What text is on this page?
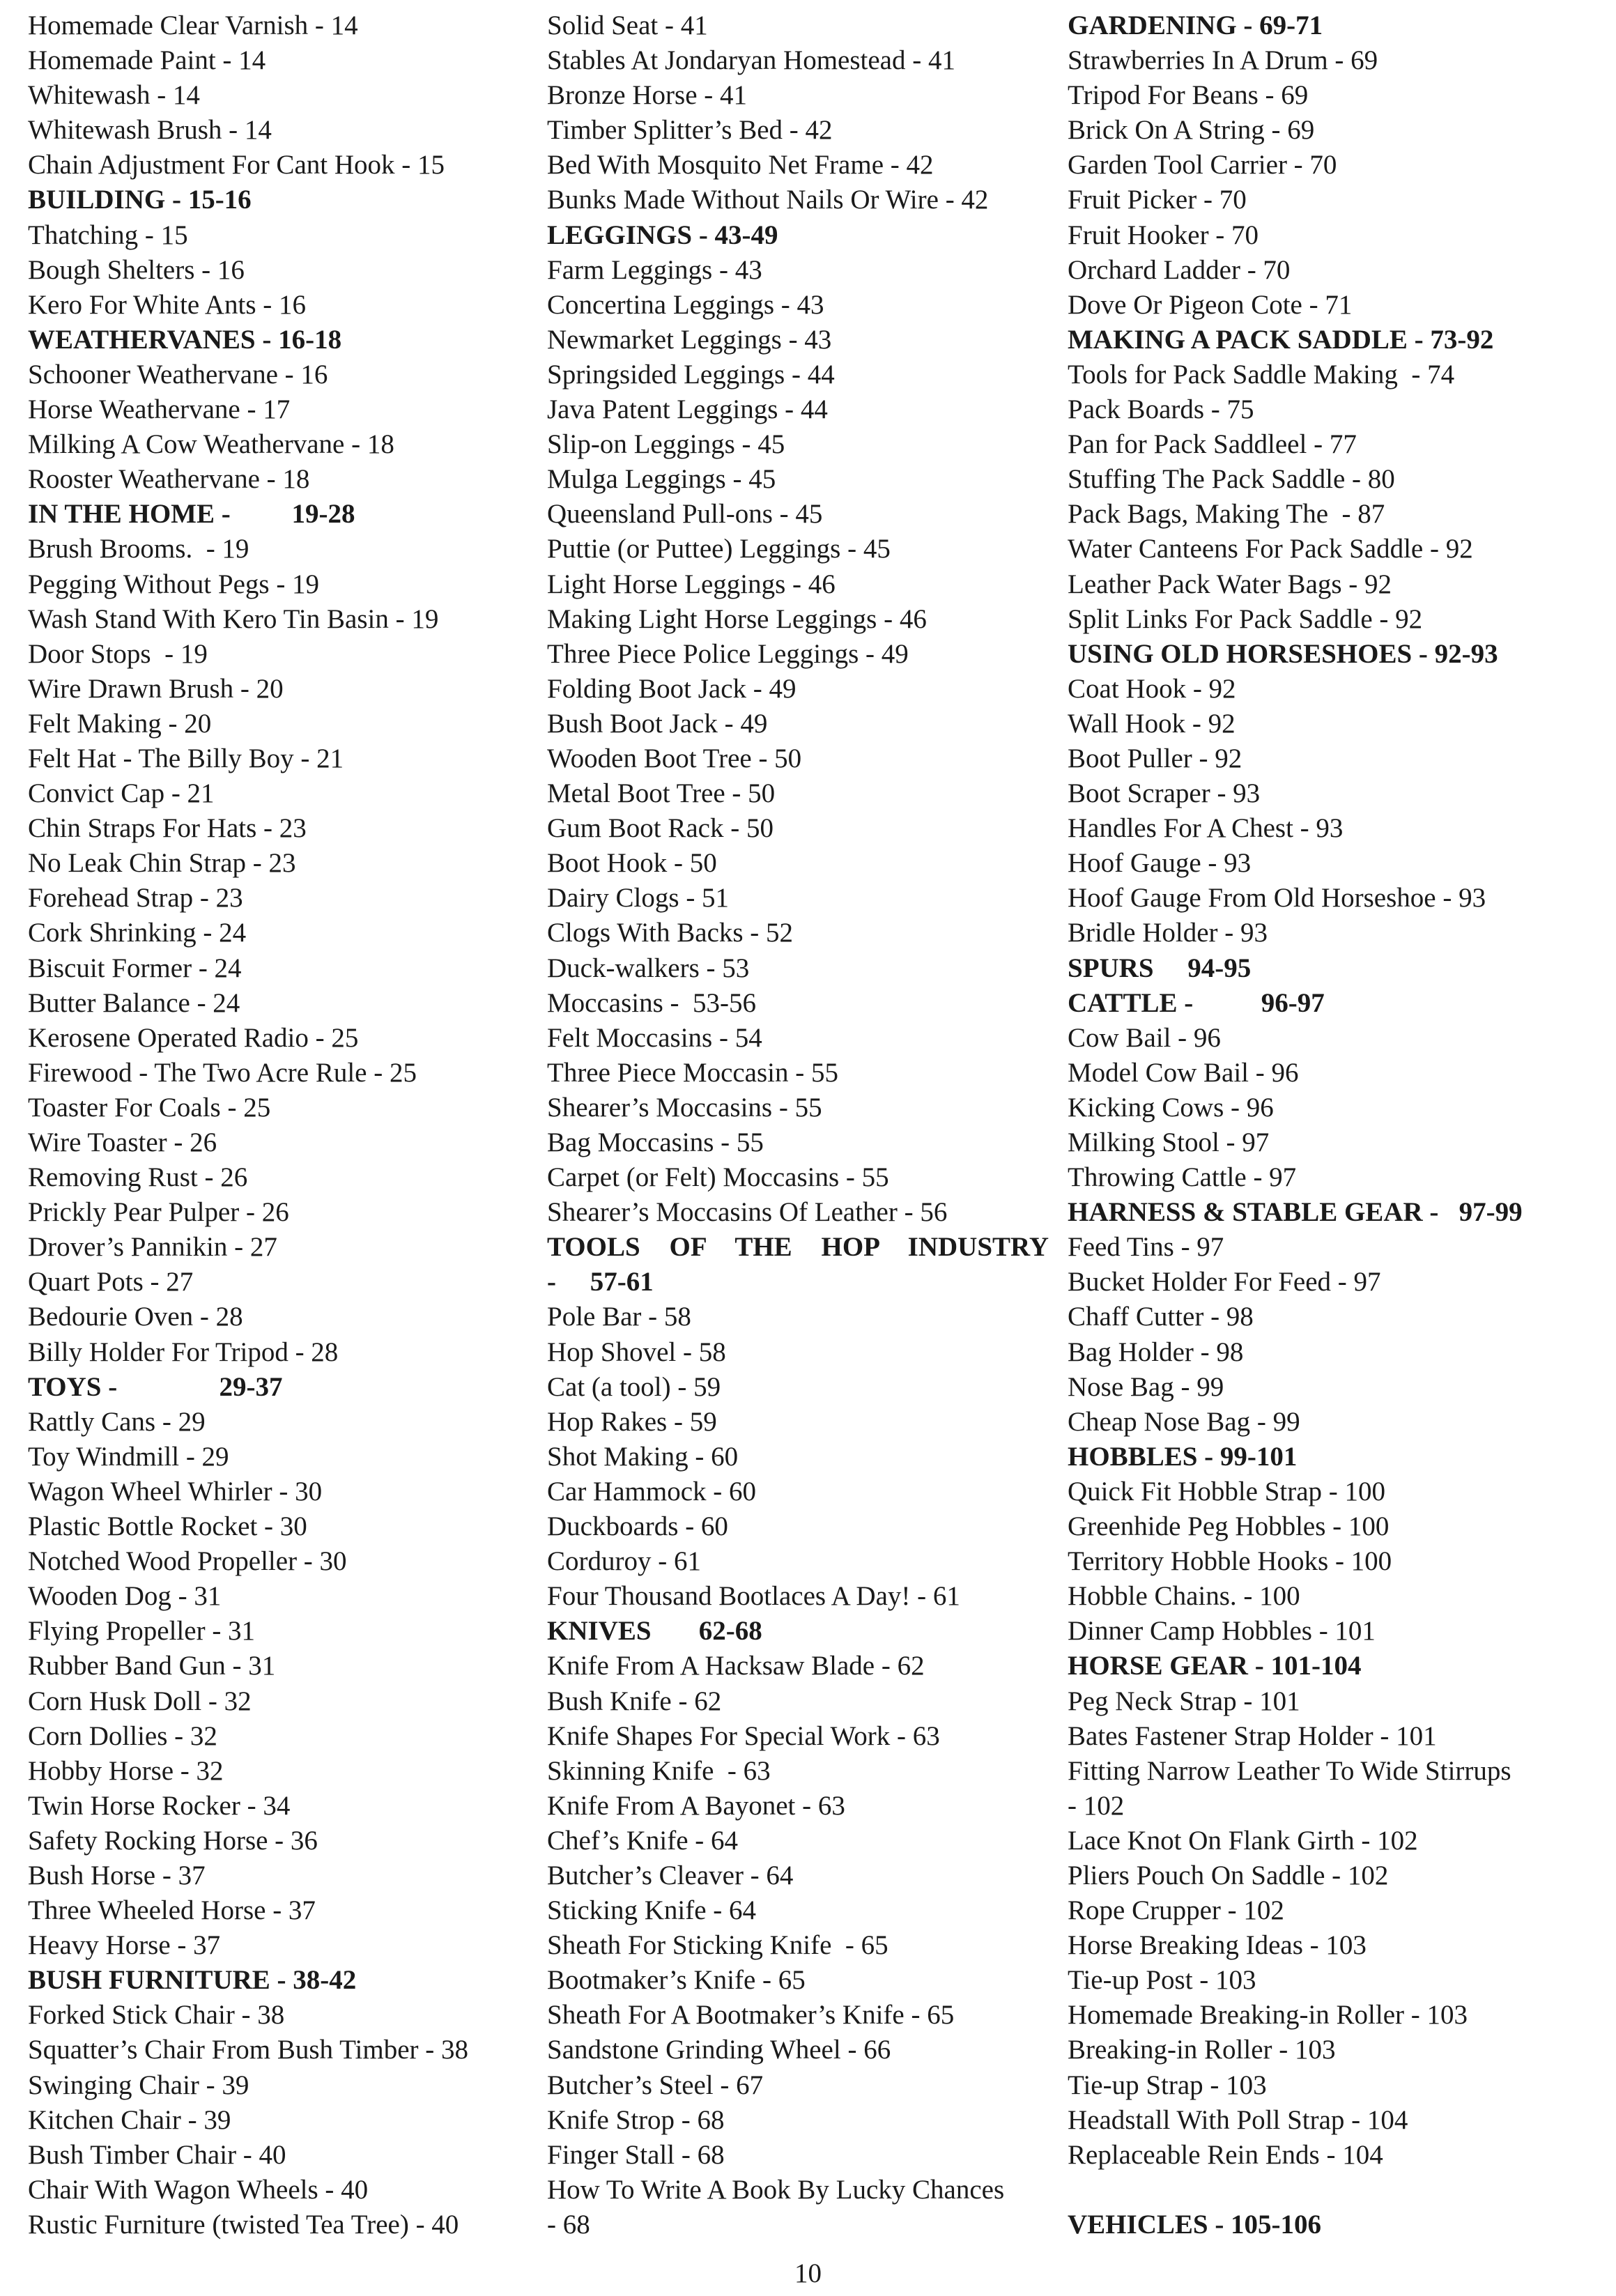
Homemade Clear Varnish - 14
Homemade Paint - 14
Whitewash - 14
Whitewash Brush - 14
Chain Adjustment For Cant Hook - 15
BUILDING - 15-16
Thatching - 15
Bough Shelters - 16
Kero For White Ants - 16
WEATHERVANES - 16-18
Schooner Weathervane - 16
Horse Weathervane - 17
Milking A Cow Weathervane - 18
Rooster Weathervane - 18
IN THE HOME -         19-28
Brush Brooms.  - 19
Pegging Without Pegs - 19
Wash Stand With Kero Tin Basin - 19
Door Stops  - 19
Wire Drawn Brush - 20
Felt Making - 20
Felt Hat - The Billy Boy - 21
Convict Cap - 21
Chin Straps For Hats - 23
No Leak Chin Strap - 23
Forehead Strap - 23
Cork Shrinking - 24
Biscuit Former - 24
Butter Balance - 24
Kerosene Operated Radio - 25
Firewood - The Two Acre Rule - 25
Toaster For Coals - 25
Wire Toaster - 26
Removing Rust - 26
Prickly Pear Pulper - 26
Drover’s Pannikin - 27
Quart Pots - 27
Bedourie Oven - 28
Billy Holder For Tripod - 28
TOYS -               29-37
Rattly Cans - 29
Toy Windmill - 29
Wagon Wheel Whirler - 30
Plastic Bottle Rocket - 30
Notched Wood Propeller - 30
Wooden Dog - 31
Flying Propeller - 31
Rubber Band Gun - 31
Corn Husk Doll - 32
Corn Dollies - 32
Hobby Horse - 32
Twin Horse Rocker - 34
Safety Rocking Horse - 36
Bush Horse - 37
Three Wheeled Horse - 37
Heavy Horse - 37
BUSH FURNITURE - 38-42
Forked Stick Chair - 38
Squatter’s Chair From Bush Timber - 38
Swinging Chair - 39
Kitchen Chair - 39
Bush Timber Chair - 40
Chair With Wagon Wheels - 40
Rustic Furniture (twisted Tea Tree) - 40
Solid Seat - 41
Stables At Jondaryan Homestead - 41
Bronze Horse - 41
Timber Splitter’s Bed - 42
Bed With Mosquito Net Frame - 42
Bunks Made Without Nails Or Wire - 42
LEGGINGS - 43-49
Farm Leggings - 43
Concertina Leggings - 43
Newmarket Leggings - 43
Springsided Leggings - 44
Java Patent Leggings - 44
Slip-on Leggings - 45
Mulga Leggings - 45
Queensland Pull-ons - 45
Puttie (or Puttee) Leggings - 45
Light Horse Leggings - 46
Making Light Horse Leggings - 46
Three Piece Police Leggings - 49
Folding Boot Jack - 49
Bush Boot Jack - 49
Wooden Boot Tree - 50
Metal Boot Tree - 50
Gum Boot Rack - 50
Boot Hook - 50
Dairy Clogs - 51
Clogs With Backs - 52
Duck-walkers - 53
Moccasins -  53-56
Felt Moccasins - 54
Three Piece Moccasin - 55
Shearer’s Moccasins - 55
Bag Moccasins - 55
Carpet (or Felt) Moccasins - 55
Shearer’s Moccasins Of Leather - 56
TOOLS OF THE HOP INDUSTRY
-     57-61
Pole Bar - 58
Hop Shovel - 58
Cat (a tool) - 59
Hop Rakes - 59
Shot Making - 60
Car Hammock - 60
Duckboards - 60
Corduroy - 61
Four Thousand Bootlaces A Day! - 61
KNIVES       62-68
Knife From A Hacksaw Blade - 62
Bush Knife - 62
Knife Shapes For Special Work - 63
Skinning Knife  - 63
Knife From A Bayonet - 63
Chef’s Knife - 64
Butcher’s Cleaver - 64
Sticking Knife - 64
Sheath For Sticking Knife  - 65
Bootmaker’s Knife - 65
Sheath For A Bootmaker’s Knife - 65
Sandstone Grinding Wheel - 66
Butcher’s Steel - 67
Knife Strop - 68
Finger Stall - 68
How To Write A Book By Lucky Chances
- 68
GARDENING - 69-71
Strawberries In A Drum - 69
Tripod For Beans - 69
Brick On A String - 69
Garden Tool Carrier - 70
Fruit Picker - 70
Fruit Hooker - 70
Orchard Ladder - 70
Dove Or Pigeon Cote - 71
MAKING A PACK SADDLE - 73-92
Tools for Pack Saddle Making  - 74
Pack Boards - 75
Pan for Pack Saddleel - 77
Stuffing The Pack Saddle - 80
Pack Bags, Making The  - 87
Water Canteens For Pack Saddle - 92
Leather Pack Water Bags - 92
Split Links For Pack Saddle - 92
USING OLD HORSESHOES - 92-93
Coat Hook - 92
Wall Hook - 92
Boot Puller - 92
Boot Scraper - 93
Handles For A Chest - 93
Hoof Gauge - 93
Hoof Gauge From Old Horseshoe - 93
Bridle Holder - 93
SPURS     94-95
CATTLE -          96-97
Cow Bail - 96
Model Cow Bail - 96
Kicking Cows - 96
Milking Stool - 97
Throwing Cattle - 97
HARNESS & STABLE GEAR -   97-99
Feed Tins - 97
Bucket Holder For Feed - 97
Chaff Cutter - 98
Bag Holder - 98
Nose Bag - 99
Cheap Nose Bag - 99
HOBBLES - 99-101
Quick Fit Hobble Strap - 100
Greenhide Peg Hobbles - 100
Territory Hobble Hooks - 100
Hobble Chains. - 100
Dinner Camp Hobbles - 101
HORSE GEAR - 101-104
Peg Neck Strap - 101
Bates Fastener Strap Holder - 101
Fitting Narrow Leather To Wide Stirrups
- 102
Lace Knot On Flank Girth - 102
Pliers Pouch On Saddle - 102
Rope Crupper - 102
Horse Breaking Ideas - 103
Tie-up Post - 103
Homemade Breaking-in Roller - 103
Breaking-in Roller - 103
Tie-up Strap - 103
Headstall With Poll Strap - 104
Replaceable Rein Ends - 104
VEHICLES - 105-106
10
